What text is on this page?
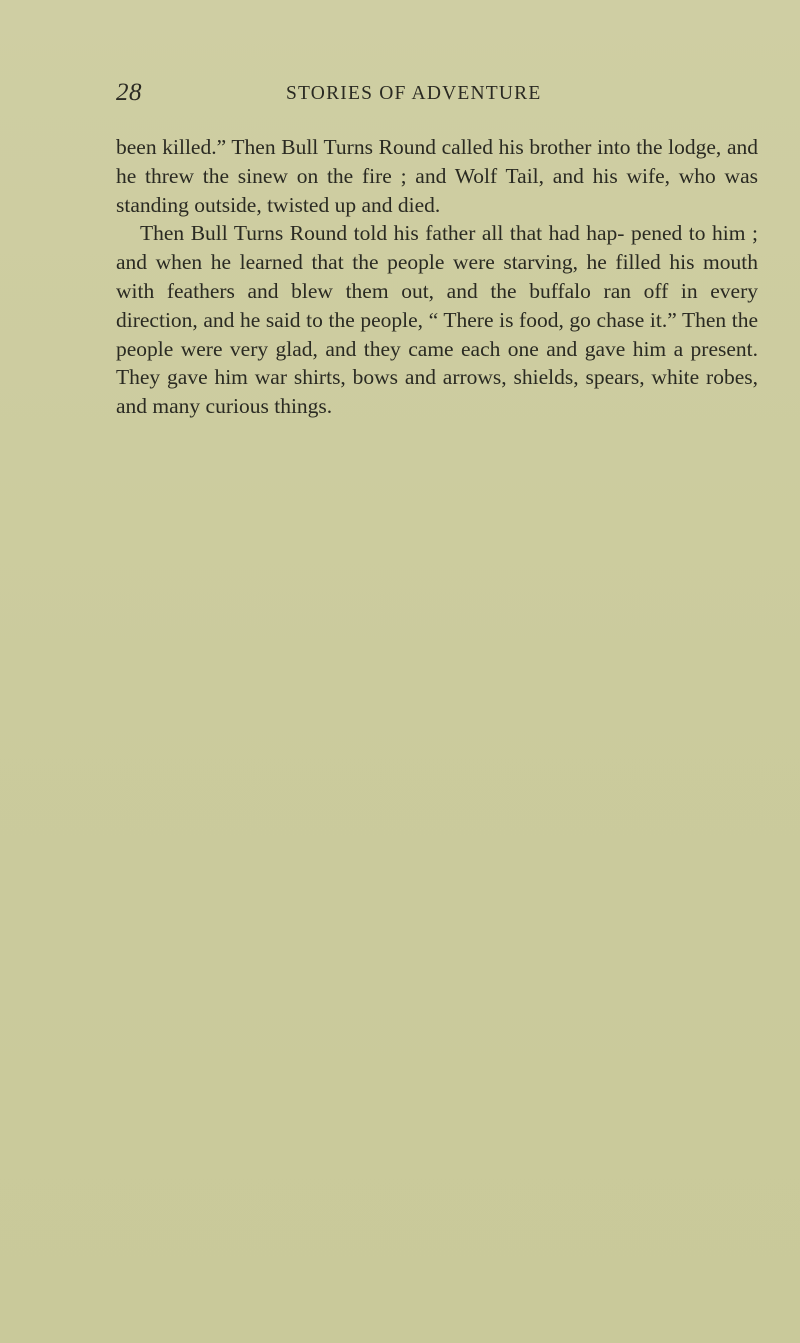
28	STORIES OF ADVENTURE

been killed.” Then Bull Turns Round called his brother into the lodge, and he threw the sinew on the fire ; and Wolf Tail, and his wife, who was standing outside, twisted up and died.

Then Bull Turns Round told his father all that had hap- pened to him ; and when he learned that the people were starving, he filled his mouth with feathers and blew them out, and the buffalo ran off in every direction, and he said to the people, “ There is food, go chase it.” Then the people were very glad, and they came each one and gave him a present. They gave him war shirts, bows and arrows, shields, spears, white robes, and many curious things.
